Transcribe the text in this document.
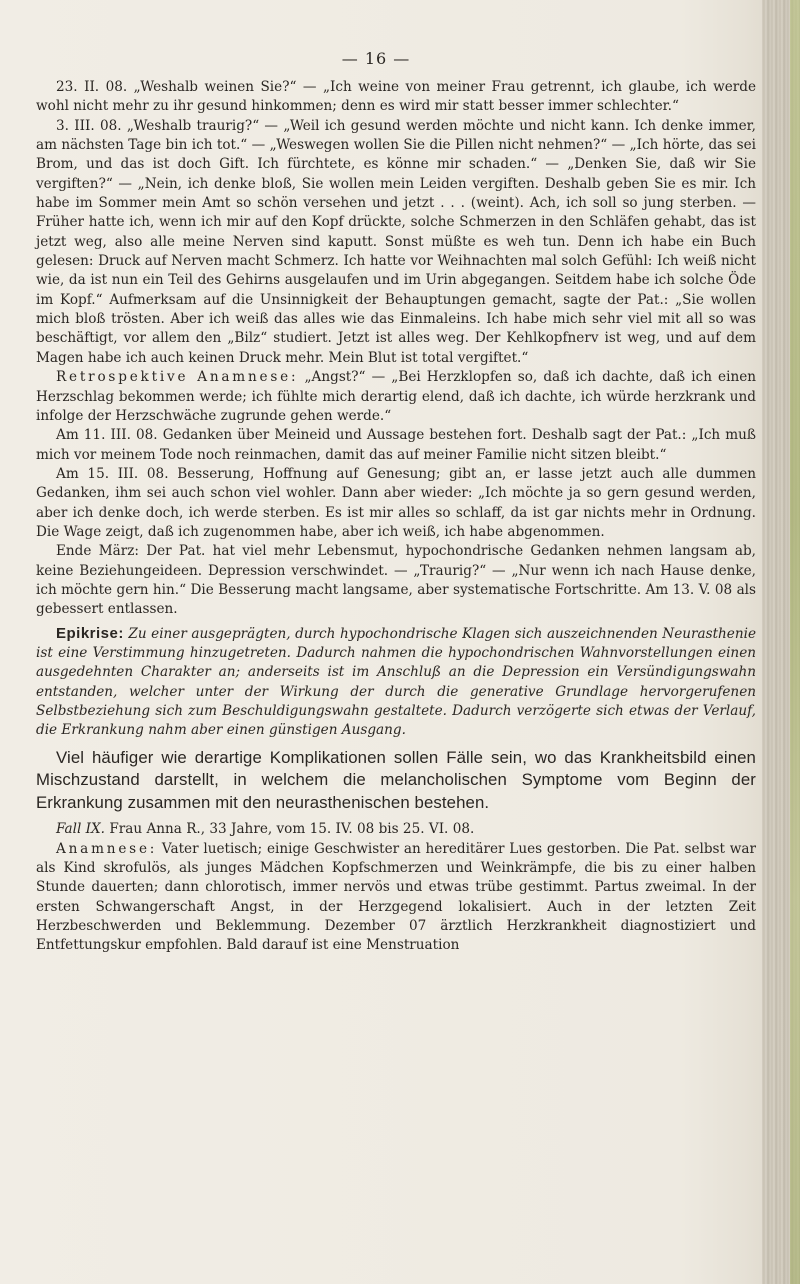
— 16 —

23. II. 08. „Weshalb weinen Sie?“ — „Ich weine von meiner Frau getrennt, ich glaube, ich werde wohl nicht mehr zu ihr gesund hinkommen; denn es wird mir statt besser immer schlechter.“

3. III. 08. „Weshalb traurig?“ — „Weil ich gesund werden möchte und nicht kann. Ich denke immer, am nächsten Tage bin ich tot.“ — „Weswegen wollen Sie die Pillen nicht nehmen?“ — „Ich hörte, das sei Brom, und das ist doch Gift. Ich fürchtete, es könne mir schaden.“ — „Denken Sie, daß wir Sie vergiften?“ — „Nein, ich denke bloß, Sie wollen mein Leiden vergiften. Deshalb geben Sie es mir. Ich habe im Sommer mein Amt so schön versehen und jetzt . . . (weint). Ach, ich soll so jung sterben. — Früher hatte ich, wenn ich mir auf den Kopf drückte, solche Schmerzen in den Schläfen gehabt, das ist jetzt weg, also alle meine Nerven sind kaputt. Sonst müßte es weh tun. Denn ich habe ein Buch gelesen: Druck auf Nerven macht Schmerz. Ich hatte vor Weihnachten mal solch Gefühl: Ich weiß nicht wie, da ist nun ein Teil des Gehirns ausgelaufen und im Urin abgegangen. Seitdem habe ich solche Öde im Kopf.“ Aufmerksam auf die Unsinnigkeit der Behauptungen gemacht, sagte der Pat.: „Sie wollen mich bloß trösten. Aber ich weiß das alles wie das Einmaleins. Ich habe mich sehr viel mit all so was beschäftigt, vor allem den „Bilz“ studiert. Jetzt ist alles weg. Der Kehlkopfnerv ist weg, und auf dem Magen habe ich auch keinen Druck mehr. Mein Blut ist total vergiftet.“

Retrospektive Anamnese: „Angst?“ — „Bei Herzklopfen so, daß ich dachte, daß ich einen Herzschlag bekommen werde; ich fühlte mich derartig elend, daß ich dachte, ich würde herzkrank und infolge der Herzschwäche zugrunde gehen werde.“

Am 11. III. 08. Gedanken über Meineid und Aussage bestehen fort. Deshalb sagt der Pat.: „Ich muß mich vor meinem Tode noch reinmachen, damit das auf meiner Familie nicht sitzen bleibt.“

Am 15. III. 08. Besserung, Hoffnung auf Genesung; gibt an, er lasse jetzt auch alle dummen Gedanken, ihm sei auch schon viel wohler. Dann aber wieder: „Ich möchte ja so gern gesund werden, aber ich denke doch, ich werde sterben. Es ist mir alles so schlaff, da ist gar nichts mehr in Ordnung. Die Wage zeigt, daß ich zugenommen habe, aber ich weiß, ich habe abgenommen.

Ende März: Der Pat. hat viel mehr Lebensmut, hypochondrische Gedanken nehmen langsam ab, keine Beziehungeideen. Depression verschwindet. — „Traurig?“ — „Nur wenn ich nach Hause denke, ich möchte gern hin.“ Die Besserung macht langsame, aber systematische Fortschritte. Am 13. V. 08 als gebessert entlassen.

Epikrise: Zu einer ausgeprägten, durch hypochondrische Klagen sich auszeichnenden Neurasthenie ist eine Verstimmung hinzugetreten. Dadurch nahmen die hypochondrischen Wahnvorstellungen einen ausgedehnten Charakter an; anderseits ist im Anschluß an die Depression ein Versündigungswahn entstanden, welcher unter der Wirkung der durch die generative Grundlage hervorgerufenen Selbstbeziehung sich zum Beschuldigungswahn gestaltete. Dadurch verzögerte sich etwas der Verlauf, die Erkrankung nahm aber einen günstigen Ausgang.

Viel häufiger wie derartige Komplikationen sollen Fälle sein, wo das Krankheitsbild einen Mischzustand darstellt, in welchem die melancholischen Symptome vom Beginn der Erkrankung zusammen mit den neurasthenischen bestehen.

Fall IX. Frau Anna R., 33 Jahre, vom 15. IV. 08 bis 25. VI. 08.

Anamnese: Vater luetisch; einige Geschwister an hereditärer Lues gestorben. Die Pat. selbst war als Kind skrofulös, als junges Mädchen Kopfschmerzen und Weinkrämpfe, die bis zu einer halben Stunde dauerten; dann chlorotisch, immer nervös und etwas trübe gestimmt. Partus zweimal. In der ersten Schwangerschaft Angst, in der Herzgegend lokalisiert. Auch in der letzten Zeit Herzbeschwerden und Beklemmung. Dezember 07 ärztlich Herzkrankheit diagnostiziert und Entfettungskur empfohlen. Bald darauf ist eine Menstruation
